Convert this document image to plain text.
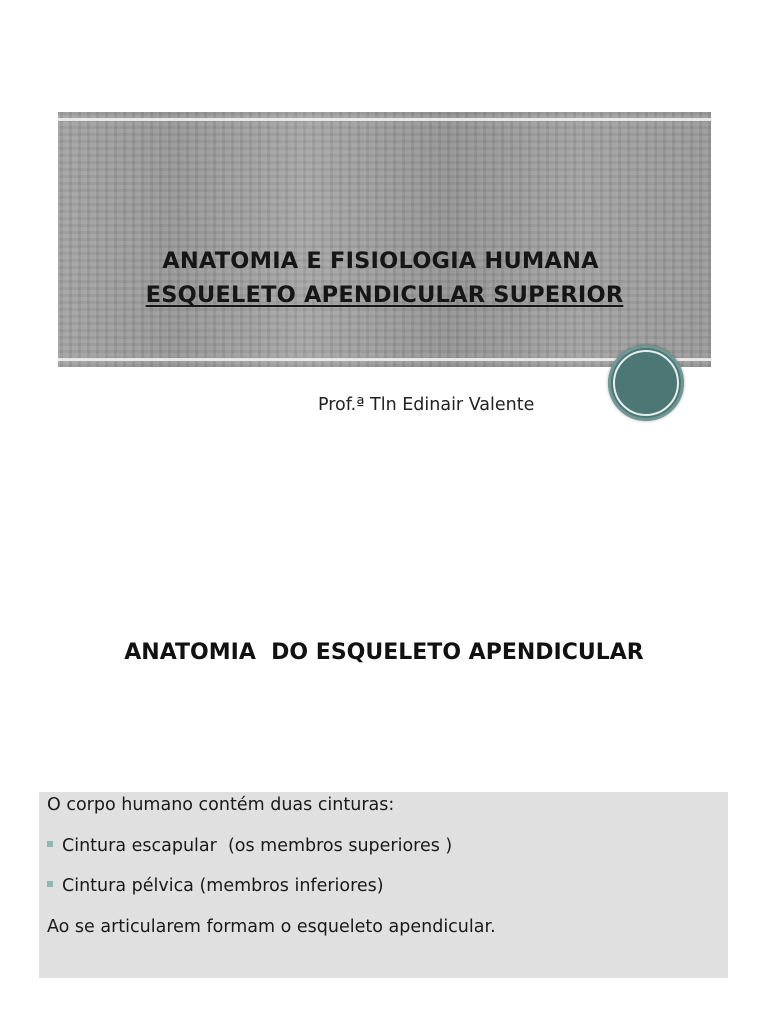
ANATOMIA E FISIOLOGIA HUMANA
ESQUELETO APENDICULAR SUPERIOR
Prof.ª Tln Edinair Valente
ANATOMIA  DO ESQUELETO APENDICULAR
O corpo humano contém duas cinturas:
Cintura escapular  (os membros superiores )
Cintura pélvica (membros inferiores)
Ao se articularem formam o esqueleto apendicular.
